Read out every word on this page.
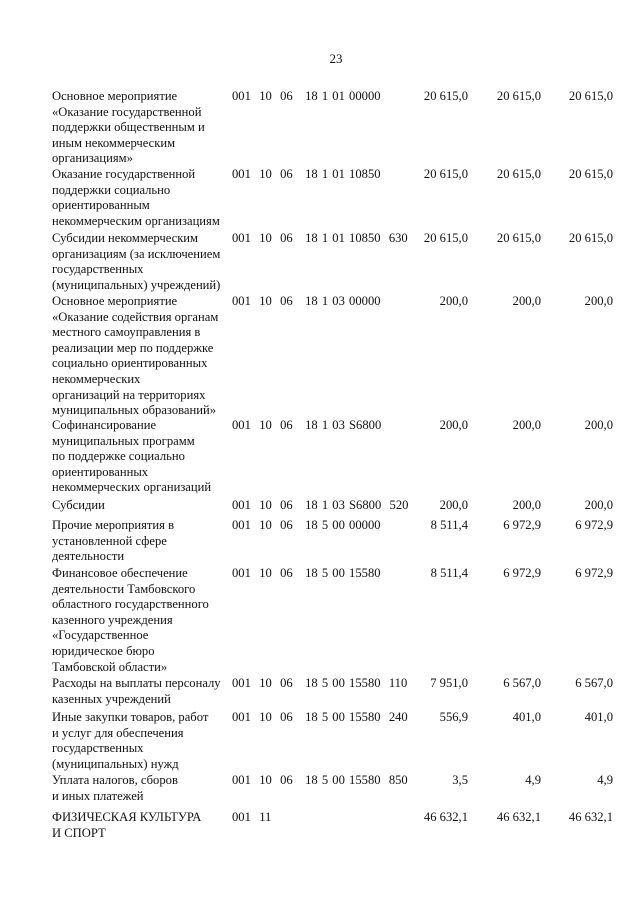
23
Основное мероприятие
«Оказание государственной
поддержки общественным и
иным некоммерческим
организациям»
001  10  06   18 1 01 00000	20 615,0	20 615,0	20 615,0
Оказание государственной
поддержки социально
ориентированным
некоммерческим организациям
001  10  06   18 1 01 10850	20 615,0	20 615,0	20 615,0
Субсидии некоммерческим
организациям (за исключением
государственных
(муниципальных) учреждений)
001  10  06   18 1 01 10850  630	20 615,0	20 615,0	20 615,0
Основное мероприятие
«Оказание содействия органам
местного самоуправления в
реализации мер по поддержке
социально ориентированных
некоммерческих
организаций на территориях
муниципальных образований»
001  10  06   18 1 03 00000	200,0	200,0	200,0
Софинансирование
муниципальных программ
по поддержке социально
ориентированных
некоммерческих организаций
001  10  06   18 1 03 S6800	200,0	200,0	200,0
Субсидии	001  10  06   18 1 03 S6800  520	200,0	200,0	200,0
Прочие мероприятия в
установленной сфере
деятельности
001  10  06   18 5 00 00000	8 511,4	6 972,9	6 972,9
Финансовое обеспечение
деятельности Тамбовского
областного государственного
казенного учреждения
«Государственное
юридическое бюро
Тамбовской области»
001  10  06   18 5 00 15580	8 511,4	6 972,9	6 972,9
Расходы на выплаты персоналу
казенных учреждений
001  10  06   18 5 00 15580  110	7 951,0	6 567,0	6 567,0
Иные закупки товаров, работ
и услуг для обеспечения
государственных
(муниципальных) нужд
001  10  06   18 5 00 15580  240	556,9	401,0	401,0
Уплата налогов, сборов
и иных платежей
001  10  06   18 5 00 15580  850	3,5	4,9	4,9
ФИЗИЧЕСКАЯ КУЛЬТУРА
И СПОРТ
001  11	46 632,1	46 632,1	46 632,1
